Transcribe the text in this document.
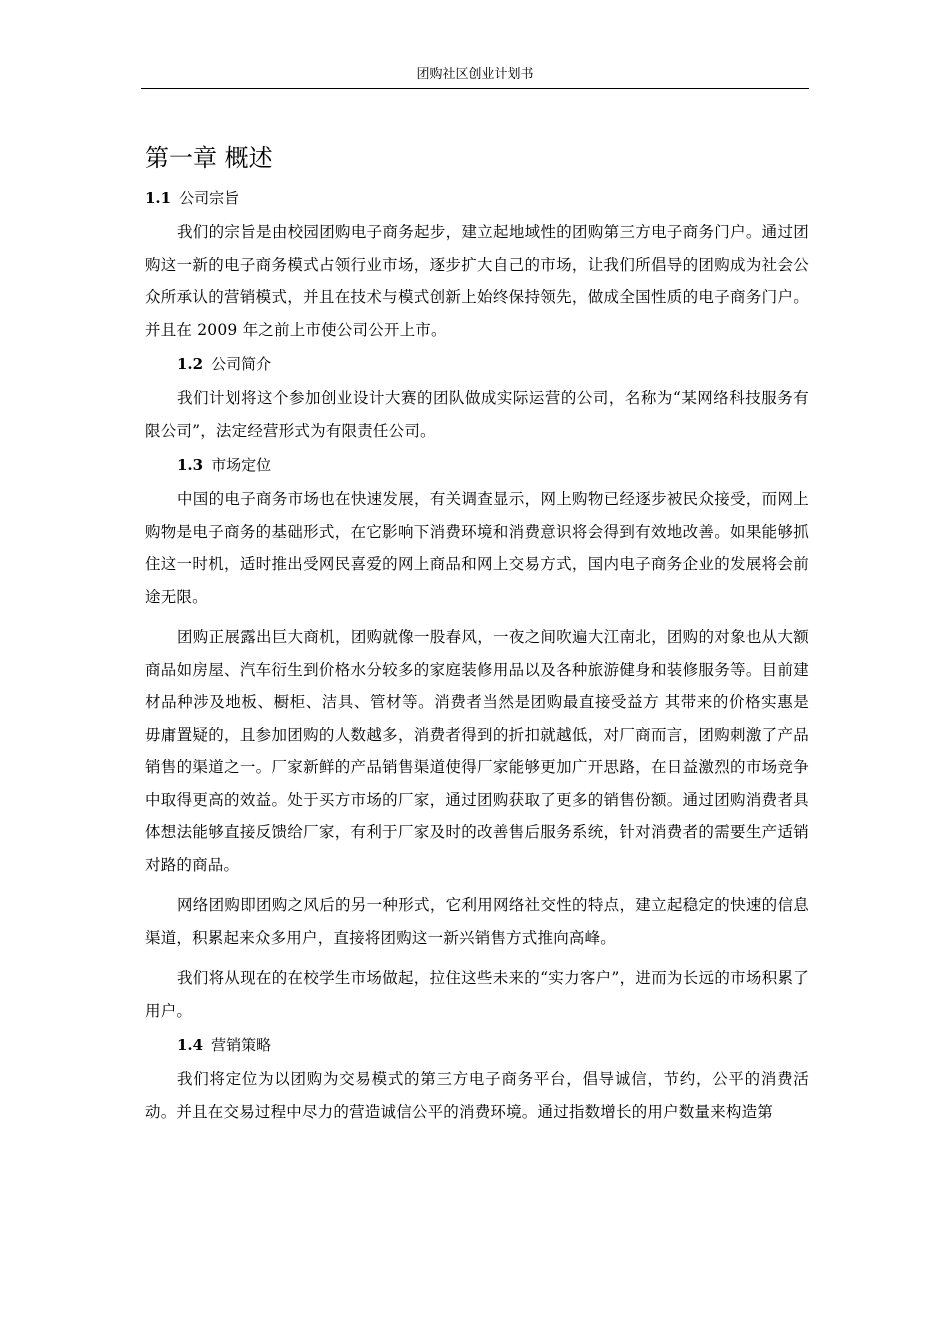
团购社区创业计划书
第一章 概述
1.1 公司宗旨

我们的宗旨是由校园团购电子商务起步，建立起地域性的团购第三方电子商务门户。通过团购这一新的电子商务模式占领行业市场，逐步扩大自己的市场，让我们所倡导的团购成为社会公众所承认的营销模式，并且在技术与模式创新上始终保持领先，做成全国性质的电子商务门户。并且在 2009 年之前上市使公司公开上市。

1.2 公司简介

我们计划将这个参加创业设计大赛的团队做成实际运营的公司，名称为“某网络科技服务有限公司”，法定经营形式为有限责任公司。

1.3 市场定位

中国的电子商务市场也在快速发展，有关调查显示，网上购物已经逐步被民众接受，而网上购物是电子商务的基础形式，在它影响下消费环境和消费意识将会得到有效地改善。如果能够抓住这一时机，适时推出受网民喜爱的网上商品和网上交易方式，国内电子商务企业的发展将会前途无限。

团购正展露出巨大商机，团购就像一股春风，一夜之间吹遍大江南北，团购的对象也从大额商品如房屋、汽车衍生到价格水分较多的家庭装修用品以及各种旅游健身和装修服务等。目前建材品种涉及地板、橱柜、洁具、管材等。消费者当然是团购最直接受益方 其带来的价格实惠是毋庸置疑的，且参加团购的人数越多，消费者得到的折扣就越低，对厂商而言，团购刺激了产品销售的渠道之一。厂家新鲜的产品销售渠道使得厂家能够更加广开思路，在日益激烈的市场竞争中取得更高的效益。处于买方市场的厂家，通过团购获取了更多的销售份额。通过团购消费者具体想法能够直接反馈给厂家，有利于厂家及时的改善售后服务系统，针对消费者的需要生产适销对路的商品。

网络团购即团购之风后的另一种形式，它利用网络社交性的特点，建立起稳定的快速的信息渠道，积累起来众多用户，直接将团购这一新兴销售方式推向高峰。

我们将从现在的在校学生市场做起，拉住这些未来的“实力客户”，进而为长远的市场积累了用户。

1.4 营销策略

我们将定位为以团购为交易模式的第三方电子商务平台，倡导诚信，节约，公平的消费活动。并且在交易过程中尽力的营造诚信公平的消费环境。通过指数增长的用户数量来构造第
